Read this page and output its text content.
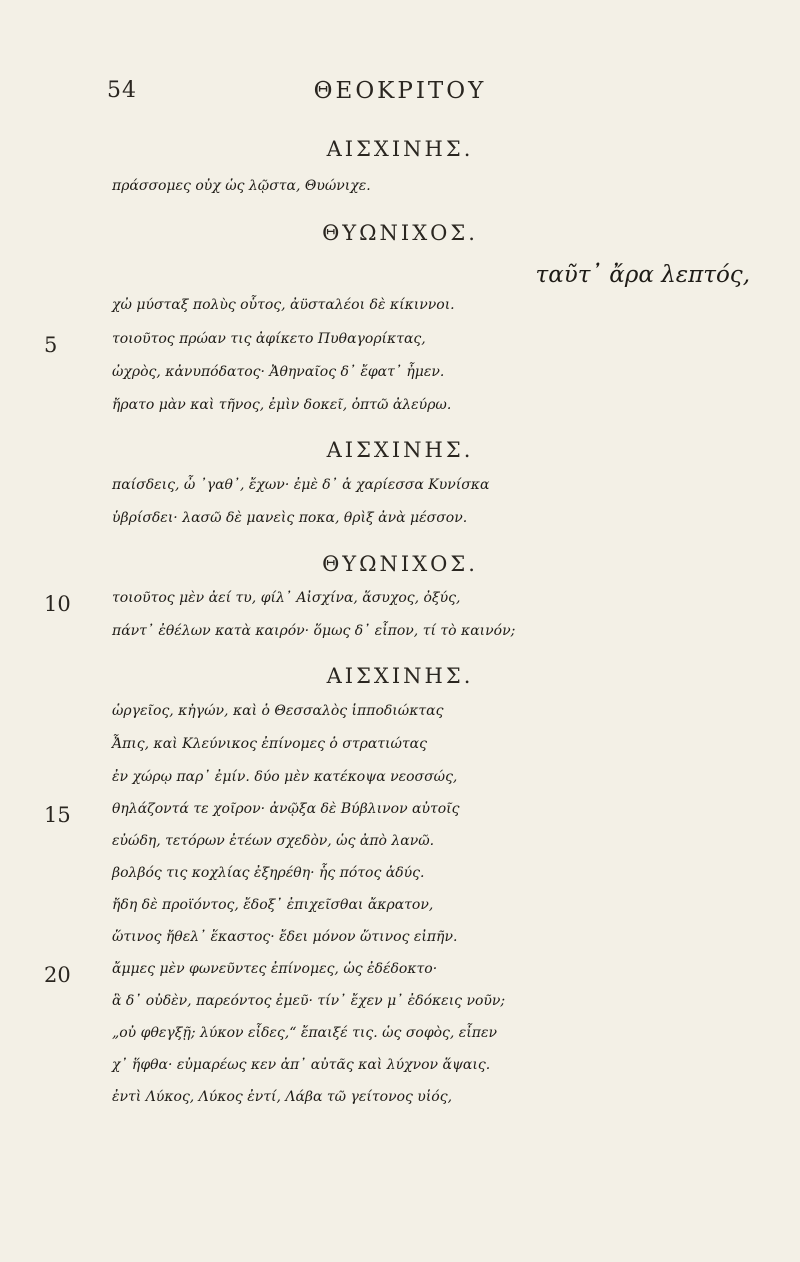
54	ΘΕΟΚΡΙΤΟΥ
ΑΙΣΧΙΝΗΣ.
πράσσομες οὐχ ὡς λῷστα, Θυώνιχε.
ΘΥΩΝΙΧΟΣ.
ταῦτ᾽ ἄρα λεπτός,
χὠ μύσταξ πολὺς οὗτος, ἀϋσταλέοι δὲ κίκιννοι.
5	τοιοῦτος πρώαν τις ἀφίκετο Πυθαγορίκτας,
ὠχρὸς, κἀνυπόδατος· Ἀθηναῖος δ᾽ ἔφατ᾽ ἦμεν.
ἤρατο μὰν καὶ τῆνος, ἐμὶν δοκεῖ, ὀπτῶ ἀλεύρω.
ΑΙΣΧΙΝΗΣ.
παίσδεις, ὦ ᾽γαθ᾽, ἔχων· ἐμὲ δ᾽ ἁ χαρίεσσα Κυνίσκα
ὑβρίσδει· λασῶ δὲ μανεὶς ποκα, θρὶξ ἀνὰ μέσσον.
ΘΥΩΝΙΧΟΣ.
10	τοιοῦτος μὲν ἀεί τυ, φίλ᾽ Αἰσχίνα, ἅσυχος, ὀξύς,
πάντ᾽ ἐθέλων κατὰ καιρόν· ὅμως δ᾽ εἶπον, τί τὸ καινόν;
ΑΙΣΧΙΝΗΣ.
ὡργεῖος, κἠγών, καὶ ὁ Θεσσαλὸς ἱπποδιώκτας
Ἆπις, καὶ Κλεύνικος ἐπίνομες ὁ στρατιώτας
ἐν χώρῳ παρ᾽ ἐμίν. δύο μὲν κατέκοψα νεοσσώς,
15	θηλάζοντά τε χοῖρον· ἀνῷξα δὲ Βύβλινον αὐτοῖς
εὐώδη, τετόρων ἐτέων σχεδὸν, ὡς ἀπὸ λανῶ.
βολβός τις κοχλίας ἐξηρέθη· ἧς πότος ἁδύς.
ἤδη δὲ προϊόντος, ἔδοξ᾽ ἐπιχεῖσθαι ἄκρατον,
ὥτινος ἤθελ᾽ ἕκαστος· ἔδει μόνον ὥτινος εἰπῆν.
20	ἄμμες μὲν φωνεῦντες ἐπίνομες, ὡς ἐδέδοκτο·
ἃ δ᾽ οὐδὲν, παρεόντος ἐμεῦ· τίν᾽ ἔχεν μ᾽ ἐδόκεις νοῦν;
„οὐ φθεγξῇ; λύκον εἶδες,“ ἔπαιξέ τις. ὡς σοφὸς, εἶπεν
χ᾽ ἥφθα· εὐμαρέως κεν ἀπ᾽ αὐτᾶς καὶ λύχνον ἅψαις.
ἐντὶ Λύκος, Λύκος ἐντί, Λάβα τῶ γείτονος υἱός,
